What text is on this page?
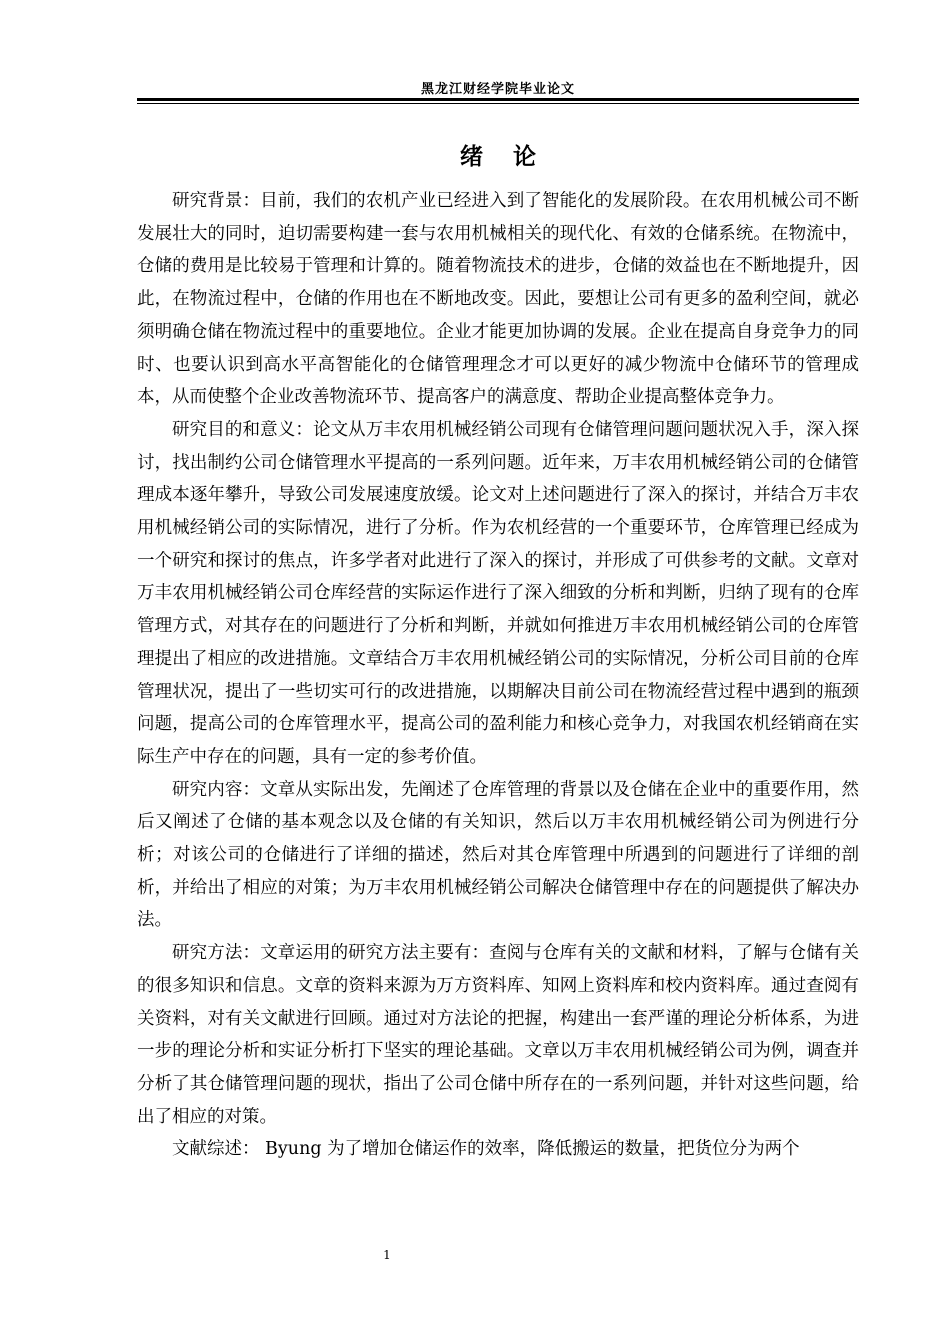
黑龙江财经学院毕业论文
绪论

研究背景：目前，我们的农机产业已经进入到了智能化的发展阶段。在农用机械公司不断发展壮大的同时，迫切需要构建一套与农用机械相关的现代化、有效的仓储系统。在物流中，仓储的费用是比较易于管理和计算的。随着物流技术的进步，仓储的效益也在不断地提升，因此，在物流过程中，仓储的作用也在不断地改变。因此，要想让公司有更多的盈利空间，就必须明确仓储在物流过程中的重要地位。企业才能更加协调的发展。企业在提高自身竞争力的同时、也要认识到高水平高智能化的仓储管理理念才可以更好的减少物流中仓储环节的管理成本，从而使整个企业改善物流环节、提高客户的满意度、帮助企业提高整体竞争力。

研究目的和意义：论文从万丰农用机械经销公司现有仓储管理问题问题状况入手，深入探讨，找出制约公司仓储管理水平提高的一系列问题。近年来，万丰农用机械经销公司的仓储管理成本逐年攀升，导致公司发展速度放缓。论文对上述问题进行了深入的探讨，并结合万丰农用机械经销公司的实际情况，进行了分析。作为农机经营的一个重要环节，仓库管理已经成为一个研究和探讨的焦点，许多学者对此进行了深入的探讨，并形成了可供参考的文献。文章对万丰农用机械经销公司仓库经营的实际运作进行了深入细致的分析和判断，归纳了现有的仓库管理方式，对其存在的问题进行了分析和判断，并就如何推进万丰农用机械经销公司的仓库管理提出了相应的改进措施。文章结合万丰农用机械经销公司的实际情况，分析公司目前的仓库管理状况，提出了一些切实可行的改进措施，以期解决目前公司在物流经营过程中遇到的瓶颈问题，提高公司的仓库管理水平，提高公司的盈利能力和核心竞争力，对我国农机经销商在实际生产中存在的问题，具有一定的参考价值。

研究内容：文章从实际出发，先阐述了仓库管理的背景以及仓储在企业中的重要作用，然后又阐述了仓储的基本观念以及仓储的有关知识，然后以万丰农用机械经销公司为例进行分析；对该公司的仓储进行了详细的描述，然后对其仓库管理中所遇到的问题进行了详细的剖析，并给出了相应的对策；为万丰农用机械经销公司解决仓储管理中存在的问题提供了解决办法。

研究方法：文章运用的研究方法主要有：查阅与仓库有关的文献和材料，了解与仓储有关的很多知识和信息。文章的资料来源为万方资料库、知网上资料库和校内资料库。通过查阅有关资料，对有关文献进行回顾。通过对方法论的把握，构建出一套严谨的理论分析体系，为进一步的理论分析和实证分析打下坚实的理论基础。文章以万丰农用机械经销公司为例，调查并分析了其仓储管理问题的现状，指出了公司仓储中所存在的一系列问题，并针对这些问题，给出了相应的对策。

文献综述： Byung 为了增加仓储运作的效率，降低搬运的数量，把货位分为两个

1
